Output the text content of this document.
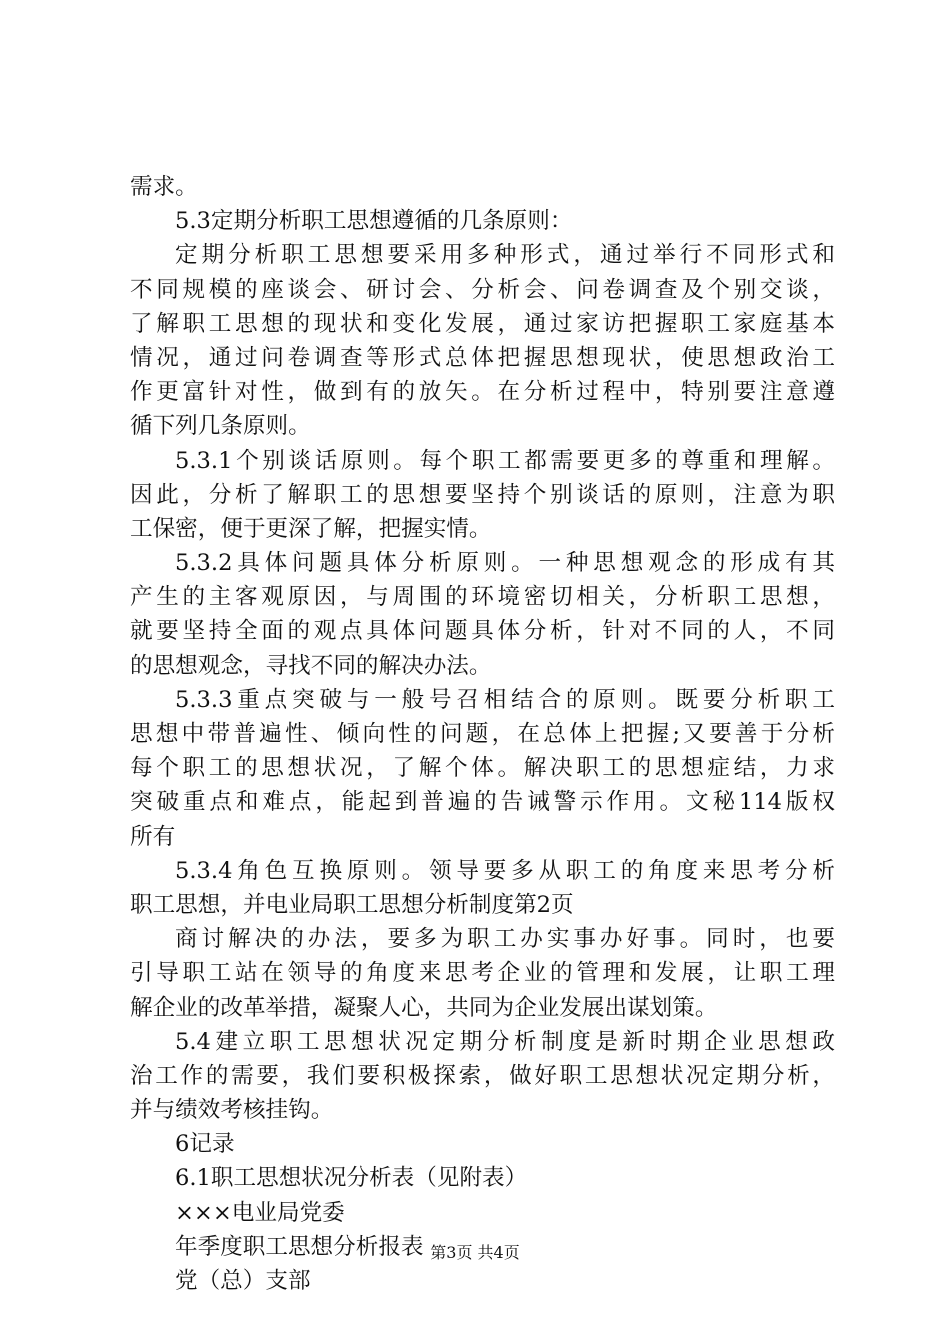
需求。
5.3定期分析职工思想遵循的几条原则：
定期分析职工思想要采用多种形式，通过举行不同形式和
不同规模的座谈会、研讨会、分析会、问卷调查及个别交谈，
了解职工思想的现状和变化发展，通过家访把握职工家庭基本
情况，通过问卷调查等形式总体把握思想现状，使思想政治工
作更富针对性，做到有的放矢。在分析过程中，特别要注意遵
循下列几条原则。
5.3.1个别谈话原则。每个职工都需要更多的尊重和理解。
因此，分析了解职工的思想要坚持个别谈话的原则，注意为职
工保密，便于更深了解，把握实情。
5.3.2具体问题具体分析原则。一种思想观念的形成有其
产生的主客观原因，与周围的环境密切相关，分析职工思想，
就要坚持全面的观点具体问题具体分析，针对不同的人，不同
的思想观念，寻找不同的解决办法。
5.3.3重点突破与一般号召相结合的原则。既要分析职工
思想中带普遍性、倾向性的问题，在总体上把握;又要善于分析
每个职工的思想状况，了解个体。解决职工的思想症结，力求
突破重点和难点，能起到普遍的告诫警示作用。文秘114版权
所有
5.3.4角色互换原则。领导要多从职工的角度来思考分析
职工思想，并电业局职工思想分析制度第2页
商讨解决的办法，要多为职工办实事办好事。同时，也要
引导职工站在领导的角度来思考企业的管理和发展，让职工理
解企业的改革举措，凝聚人心，共同为企业发展出谋划策。
5.4建立职工思想状况定期分析制度是新时期企业思想政
治工作的需要，我们要积极探索，做好职工思想状况定期分析，
并与绩效考核挂钩。
6记录
6.1职工思想状况分析表（见附表）
×××电业局党委
年季度职工思想分析报表
党（总）支部
第3页 共4页
